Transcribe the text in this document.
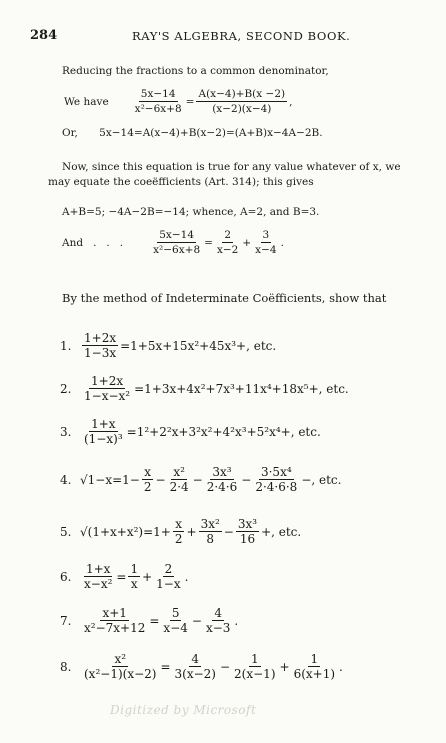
284	RAY'S ALGEBRA, SECOND BOOK.
Reducing the fractions to a common denominator,
We have $\frac{5x-14}{\text{x²−6x+8}} = \frac{A(x-4)+B(x -2)}{(x-2)(x-4)}$ ,
Or, 5x−14=A(x−4)+B(x−2)=(A+B)x−4A−2B.
Now, since this equation is true for any value whatever of x, we
may equate the coeëfficients (Art. 314); this gives
A+B=5; −4A−2B=−14; whence, A=2, and B=3.
And   .   .   .	$\frac{5x-14}{\text{x²−6x+8}} = \frac{2}{x-2} + \frac{3}{x-4}$ .
By the method of Indeterminate Coëfficients, show that
1. $\frac{1+2x}{1-3x} =1+5x+15x^2+45x^3+$, etc.
2. $\frac{1+2x}{\text{1−x−x²}} =1+3x+4x^2+7x^3+11x^4+18x^5+$, etc.
3. $\frac{1+x}{\text{(1−x)³}} =1^2+2^2x+3^2x^2+4^2x^3+5^2x^4+$, etc.
4. $√1-x =1- \frac{x}{2} - \frac{\text{x²}}{2\cdot 4} - \frac{\text{3x³}}{2\cdot 4\cdot 6} - \frac{\text{3·5x⁴}}{2\cdot 4\cdot 6\cdot 8}$ −, etc.
5. $√(1+x+x^2) =1+ \frac{x}{2} + \frac{\text{3x²}}{8} - \frac{\text{3x³}}{16}$ +, etc.
6. $\frac{1+x}{\text{x−x²}} = \frac{1}{x} + \frac{2}{1-x}$ .
7. $\frac{x+1}{\text{x²−7x+12}} = \frac{5}{x-4} - \frac{4}{x-3}$ .
8. $\frac{\text{x²}}{\text{(x²−1)(x−2)}} = \frac{4}{3(x-2)} - \frac{1}{2(x-1)} + \frac{1}{6(x+1)}$ .
Digitized by Microsoft
